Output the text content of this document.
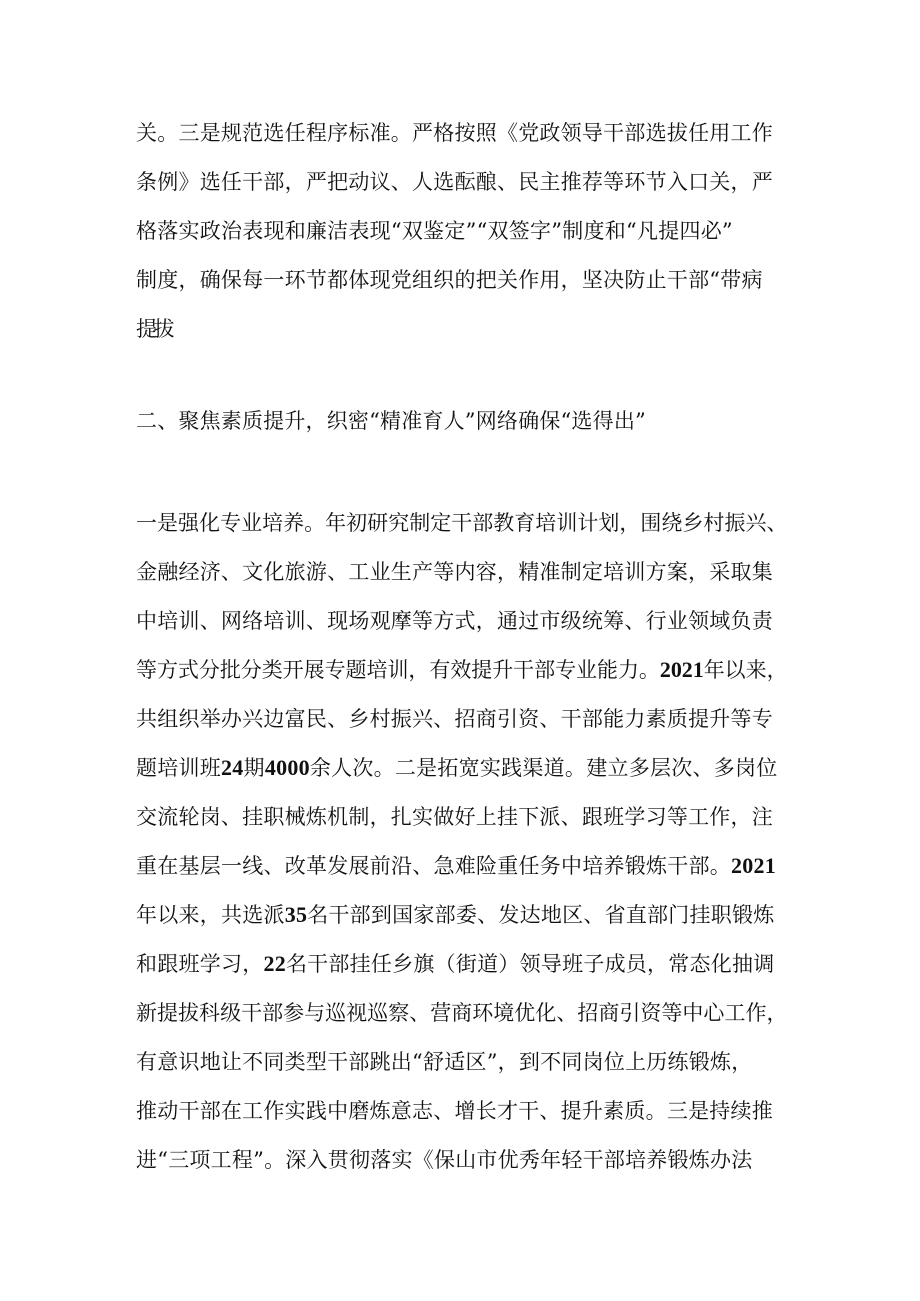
关。三是规范选任程序标准。严格按照《党政领导干部选拔任用工作
条例》选任干部，严把动议、人选酝酿、民主推荐等环节入口关，严
格落实政治表现和廉洁表现“双鉴定”“双签字”制度和“凡提四必”
制度，确保每一环节都体现党组织的把关作用，坚决防止干部“带病
提拔
二、聚焦素质提升，织密“精准育人”网络确保“选得出”
一是强化专业培养。年初研究制定干部教育培训计划，围绕乡村振兴、
金融经济、文化旅游、工业生产等内容，精准制定培训方案，采取集
中培训、网络培训、现场观摩等方式，通过市级统筹、行业领域负责
等方式分批分类开展专题培训，有效提升干部专业能力。2021年以来，
共组织举办兴边富民、乡村振兴、招商引资、干部能力素质提升等专
题培训班24期4000余人次。二是拓宽实践渠道。建立多层次、多岗位
交流轮岗、挂职械炼机制，扎实做好上挂下派、跟班学习等工作，注
重在基层一线、改革发展前沿、急难险重任务中培养锻炼干部。2021
年以来，共选派35名干部到国家部委、发达地区、省直部门挂职锻炼
和跟班学习，22名干部挂任乡旗（街道）领导班子成员，常态化抽调
新提拔科级干部参与巡视巡察、营商环境优化、招商引资等中心工作，
有意识地让不同类型干部跳出“舒适区”，到不同岗位上历练锻炼，
推动干部在工作实践中磨炼意志、增长才干、提升素质。三是持续推
进“三项工程”。深入贯彻落实《保山市优秀年轻干部培养锻炼办法
